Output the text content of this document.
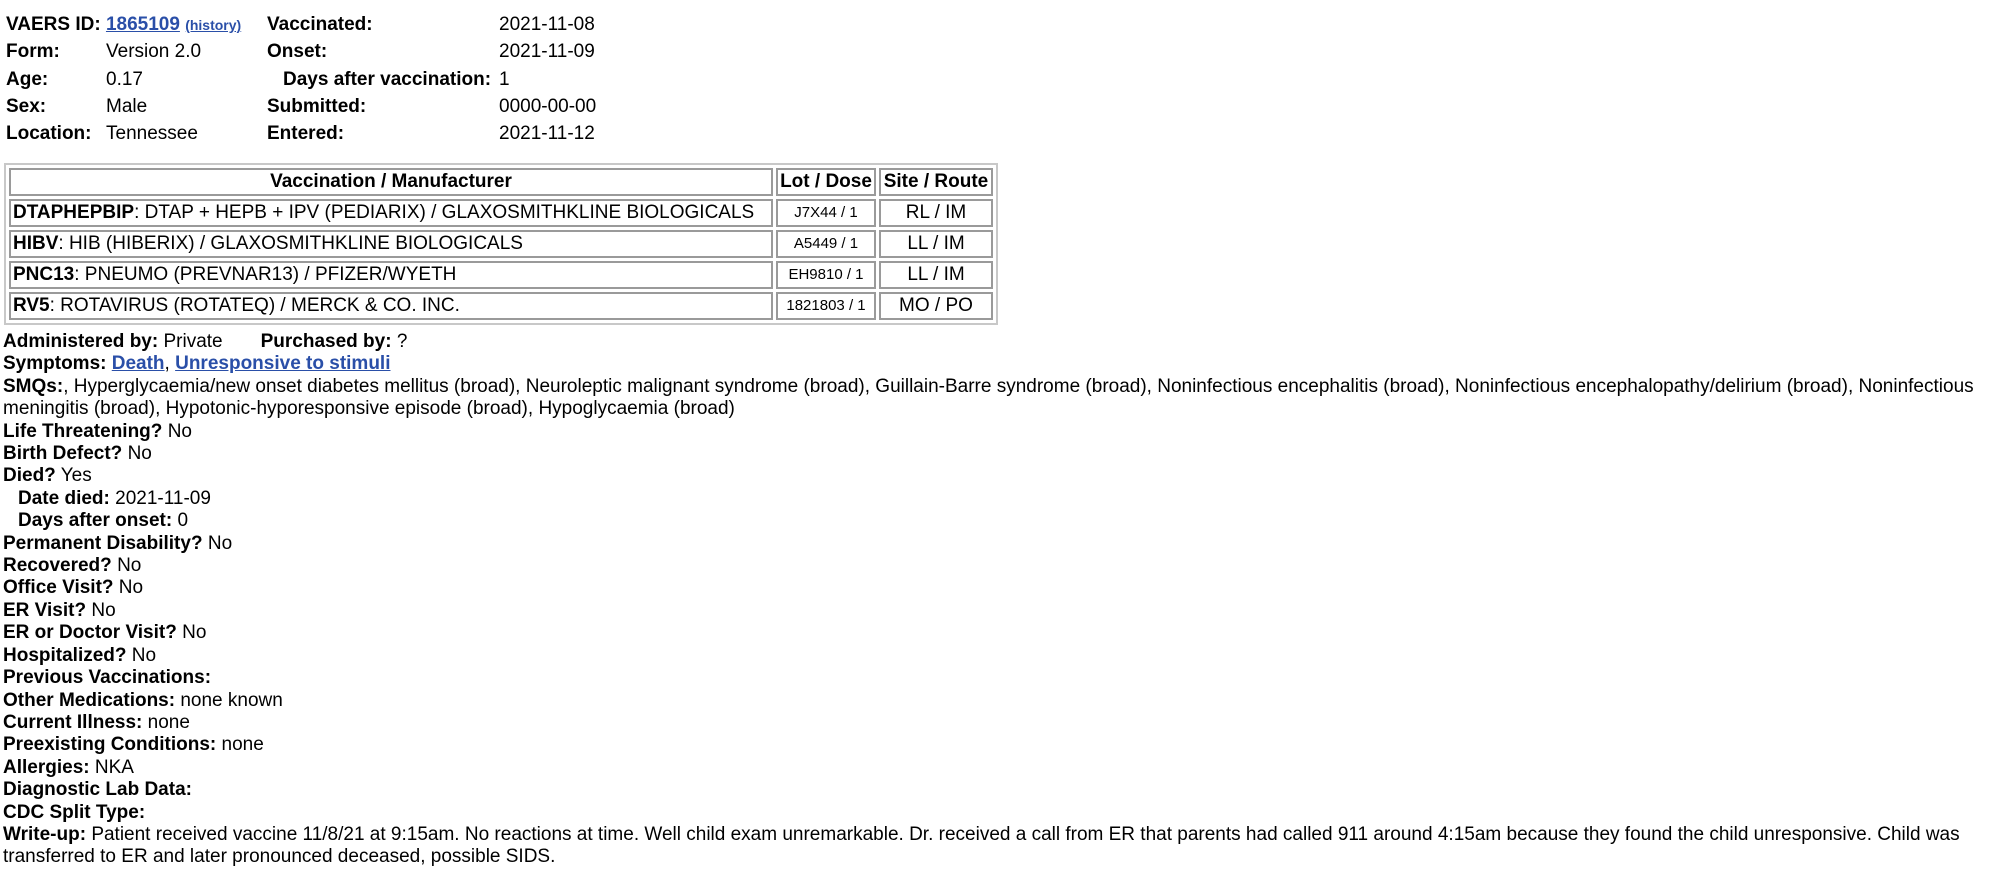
VAERS ID: 1865109 (history) Vaccinated:	2021-11-08
Form: Version 2.0	Onset:	2021-11-09
Age:	0.17	Days after vaccination: 1
Sex:	Male	Submitted:	0000-00-00
Location: Tennessee	Entered:	2021-11-12
Vaccination / Manufacturer	Lot / Dose	Site / Route
DTAPHEPBIP: DTAP + HEPB + IPV (PEDIARIX) / GLAXOSMITHKLINE BIOLOGICALS	J7X44 / 1	RL / IM
HIBV: HIB (HIBERIX) / GLAXOSMITHKLINE BIOLOGICALS	A5449 / 1	LL / IM
PNC13: PNEUMO (PREVNAR13) / PFIZER/WYETH	EH9810 / 1	LL / IM
RV5: ROTAVIRUS (ROTATEQ) / MERCK & CO. INC.	1821803 / 1	MO / PO
Administered by: Private Purchased by: ?
Symptoms: Death, Unresponsive to stimuli
SMQs:, Hyperglycaemia/new onset diabetes mellitus (broad), Neuroleptic malignant syndrome (broad), Guillain-Barre syndrome (broad), Noninfectious encephalitis (broad), Noninfectious encephalopathy/delirium (broad), Noninfectious meningitis (broad), Hypotonic-hyporesponsive episode (broad), Hypoglycaemia (broad)
Life Threatening? No
Birth Defect? No
Died? Yes
Date died: 2021-11-09
Days after onset: 0
Permanent Disability? No
Recovered? No
Office Visit? No
ER Visit? No
ER or Doctor Visit? No
Hospitalized? No
Previous Vaccinations:
Other Medications: none known
Current Illness: none
Preexisting Conditions: none
Allergies: NKA
Diagnostic Lab Data:
CDC Split Type:
Write-up: Patient received vaccine 11/8/21 at 9:15am. No reactions at time. Well child exam unremarkable. Dr. received a call from ER that parents had called 911 around 4:15am because they found the child unresponsive. Child was transferred to ER and later pronounced deceased, possible SIDS.
